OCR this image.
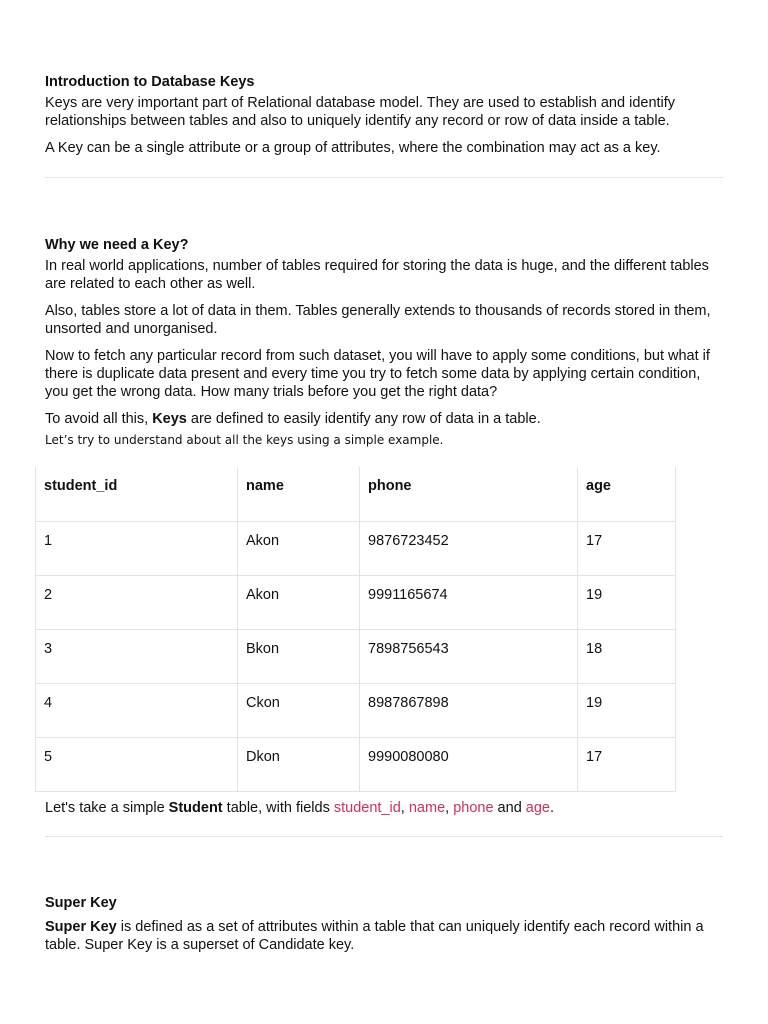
Introduction to Database Keys

Keys are very important part of Relational database model. They are used to establish and identify relationships between tables and also to uniquely identify any record or row of data inside a table.

A Key can be a single attribute or a group of attributes, where the combination may act as a key.

Why we need a Key?

In real world applications, number of tables required for storing the data is huge, and the different tables are related to each other as well.

Also, tables store a lot of data in them. Tables generally extends to thousands of records stored in them, unsorted and unorganised.

Now to fetch any particular record from such dataset, you will have to apply some conditions, but what if there is duplicate data present and every time you try to fetch some data by applying certain condition, you get the wrong data. How many trials before you get the right data?

To avoid all this, Keys are defined to easily identify any row of data in a table.

Let’s try to understand about all the keys using a simple example.

student_id	name	phone	age
1	Akon	9876723452	17
2	Akon	9991165674	19
3	Bkon	7898756543	18
4	Ckon	8987867898	19
5	Dkon	9990080080	17

Let's take a simple Student table, with fields student_id, name, phone and age.

Super Key

Super Key is defined as a set of attributes within a table that can uniquely identify each record within a table. Super Key is a superset of Candidate key.
